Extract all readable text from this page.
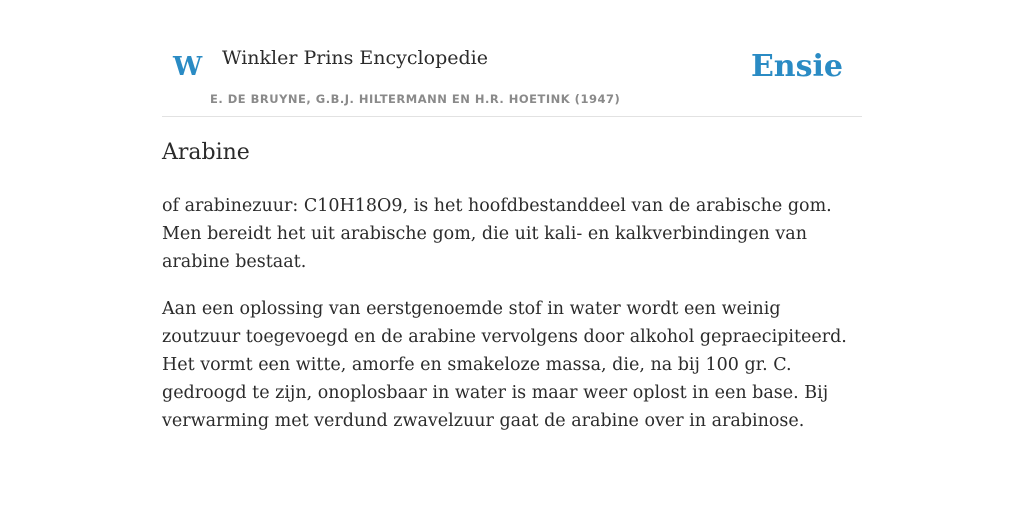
W Winkler Prins Encyclopedie
E. DE BRUYNE, G.B.J. HILTERMANN EN H.R. HOETINK (1947)
Ensie
Arabine

of arabinezuur: C10H18O9, is het hoofdbestanddeel van de arabische gom. Men bereidt het uit arabische gom, die uit kali- en kalkverbindingen van arabine bestaat.

Aan een oplossing van eerstgenoemde stof in water wordt een weinig zoutzuur toegevoegd en de arabine vervolgens door alkohol gepraecipiteerd. Het vormt een witte, amorfe en smakeloze massa, die, na bij 100 gr. C. gedroogd te zijn, onoplosbaar in water is maar weer oplost in een base. Bij verwarming met verdund zwavelzuur gaat de arabine over in arabinose.
